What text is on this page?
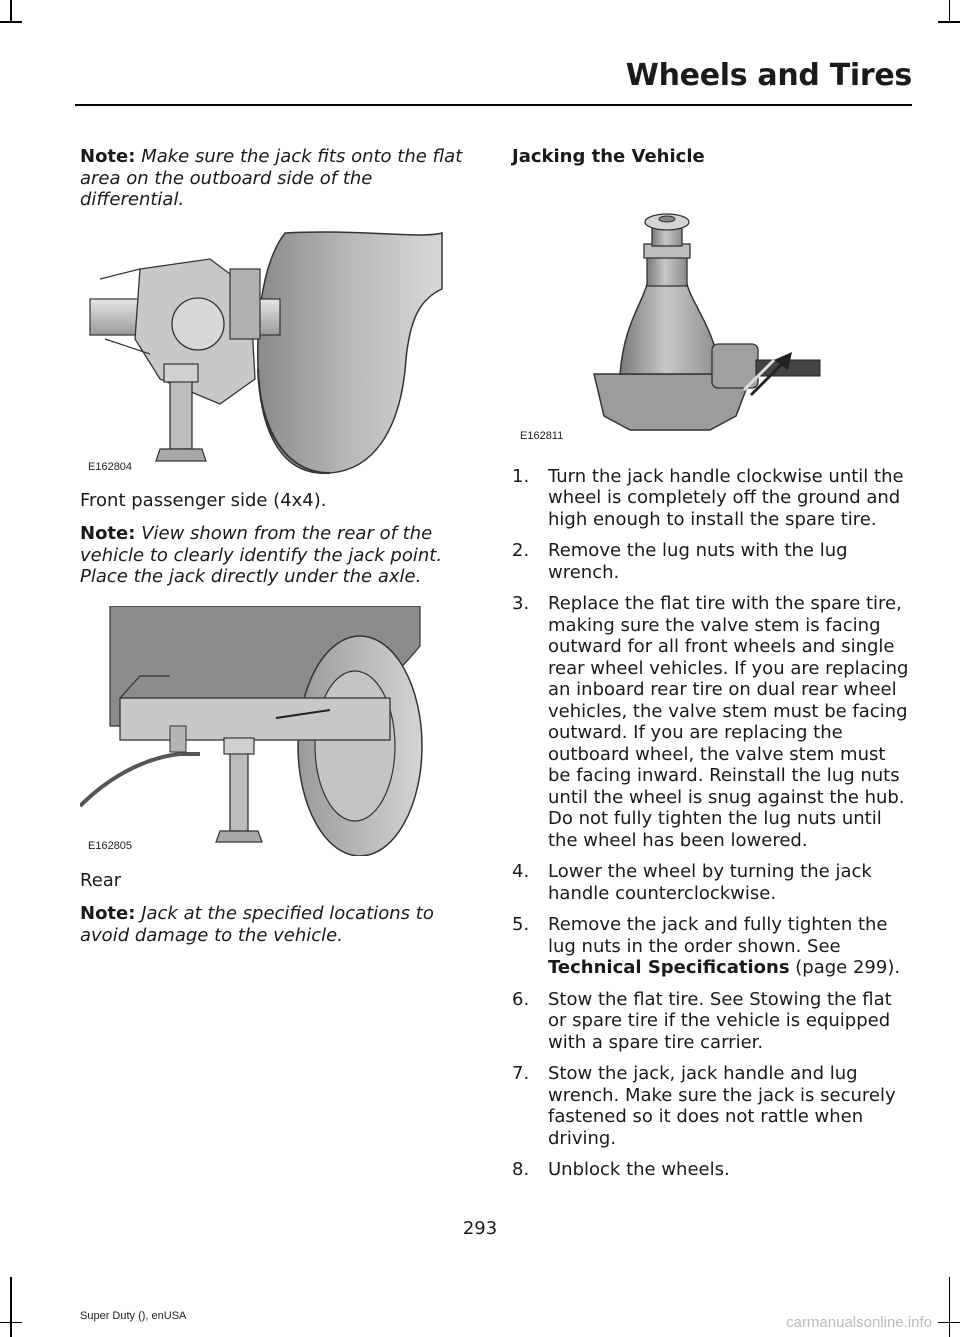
Wheels and Tires

Note: Make sure the jack fits onto the flat area on the outboard side of the differential.

E162804

Front passenger side (4x4).

Note: View shown from the rear of the vehicle to clearly identify the jack point. Place the jack directly under the axle.

E162805

Rear

Note: Jack at the specified locations to avoid damage to the vehicle.

Jacking the Vehicle

E162811
1. Turn the jack handle clockwise until the wheel is completely off the ground and high enough to install the spare tire.
2. Remove the lug nuts with the lug wrench.
3. Replace the flat tire with the spare tire, making sure the valve stem is facing outward for all front wheels and single rear wheel vehicles. If you are replacing an inboard rear tire on dual rear wheel vehicles, the valve stem must be facing outward. If you are replacing the outboard wheel, the valve stem must be facing inward. Reinstall the lug nuts until the wheel is snug against the hub. Do not fully tighten the lug nuts until the wheel has been lowered.
4. Lower the wheel by turning the jack handle counterclockwise.
5. Remove the jack and fully tighten the lug nuts in the order shown. See Technical Specifications (page 299).
6. Stow the flat tire. See Stowing the flat or spare tire if the vehicle is equipped with a spare tire carrier.
7. Stow the jack, jack handle and lug wrench. Make sure the jack is securely fastened so it does not rattle when driving.
8. Unblock the wheels.
293
Super Duty (), enUSA	carmanualsonline.info
